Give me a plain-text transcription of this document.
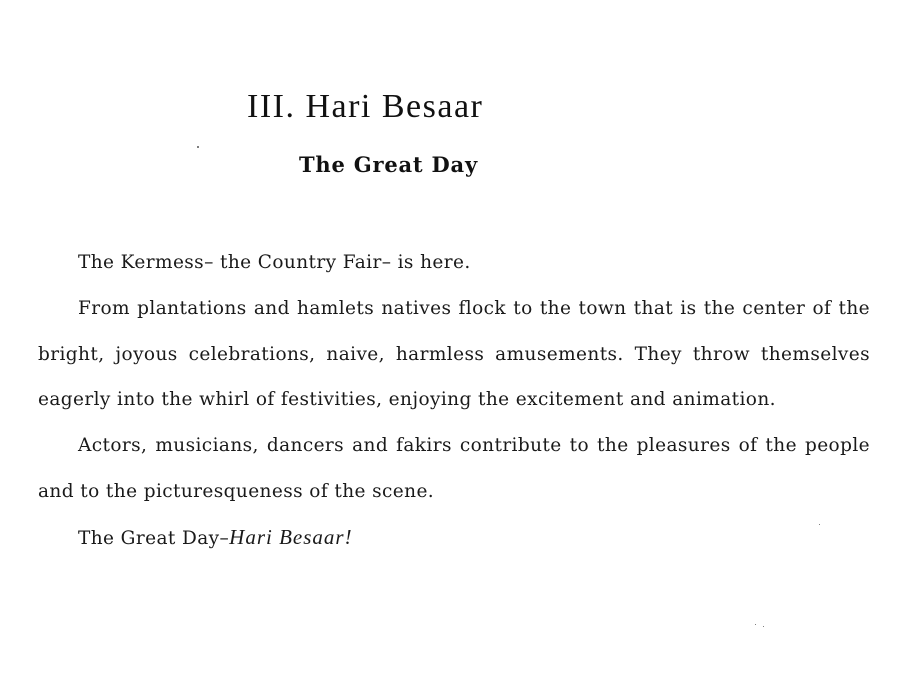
III. Hari Besaar
The Great Day

The Kermess– the Country Fair– is here.

From plantations and hamlets natives flock to the town that is the center of the bright, joyous celebrations, naive, harmless amusements. They throw themselves eagerly into the whirl of festivities, enjoying the excitement and animation.

Actors, musicians, dancers and fakirs contribute to the pleasures of the people and to the picturesqueness of the scene.

The Great Day–Hari Besaar!
